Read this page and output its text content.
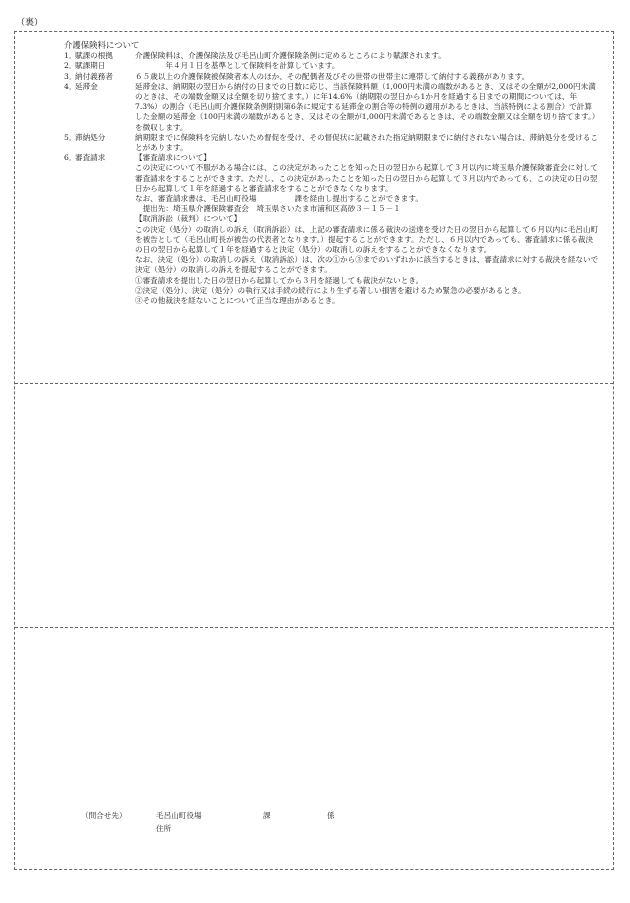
（裏）
介護保険料について
1．
賦課の根拠	介護保険料は、介護保険法及び毛呂山町介護保険条例に定めるところにより賦課されます。

2．
賦課期日	　　　　年４月１日を基準として保険料を計算しています。

3．
納付義務者	６５歳以上の介護保険被保険者本人のほか、その配偶者及びその世帯の世帯主に連帯して納付する義務があります。

4．
延滞金	延滞金は、納期限の翌日から納付の日までの日数に応じ、当該保険料額（1,000円未満の端数があるとき、又はその全額が2,000円未満のときは、その端数金額又は全額を切り捨てます。）に年14.6%（納期限の翌日から1か月を経過する日までの期間については、年7.3%）の割合（毛呂山町介護保険条例附則第6条に規定する延滞金の割合等の特例の適用があるときは、当該特例による割合）で計算した金額の延滞金（100円未満の端数があるとき、又はその全額が1,000円未満であるときは、その端数金額又は全額を切り捨てます。）を徴収します。

5．
滞納処分	納期限までに保険料を完納しないため督促を受け、その督促状に記載された指定納期限までに納付されない場合は、滞納処分を受けることがあります。

6．
審査請求	【審査請求について】

この決定について不服がある場合には、この決定があったことを知った日の翌日から起算して３月以内に埼玉県介護保険審査会に対して審査請求をすることができます。ただし、この決定があったことを知った日の翌日から起算して３月以内であっても、この決定の日の翌日から起算して１年を経過すると審査請求をすることができなくなります。

なお、審査請求書は、毛呂山町役場　　　　　課を経由し提出することができます。

　提出先：埼玉県介護保険審査会　埼玉県さいたま市浦和区高砂３－１５－１

【取消訴訟（裁判）について】

この決定（処分）の取消しの訴え（取消訴訟）は、上記の審査請求に係る裁決の送達を受けた日の翌日から起算して６月以内に毛呂山町を被告として（毛呂山町長が被告の代表者となります。）提起することができます。ただし、６月以内であっても、審査請求に係る裁決の日の翌日から起算して１年を経過すると決定（処分）の取消しの訴えをすることができなくなります。

なお、決定（処分）の取消しの訴え（取消訴訟）は、次の①から③までのいずれかに該当するときは、審査請求に対する裁決を経ないで決定（処分）の取消しの訴えを提起することができます。

①審査請求を提出した日の翌日から起算してから３月を経過しても裁決がないとき。

②決定（処分）、決定（処分）の執行又は手続の続行により生ずる著しい損害を避けるため緊急の必要があるとき。

③その他裁決を経ないことについて正当な理由があるとき。

（問合せ先）	毛呂山町役場	課	係
住所
